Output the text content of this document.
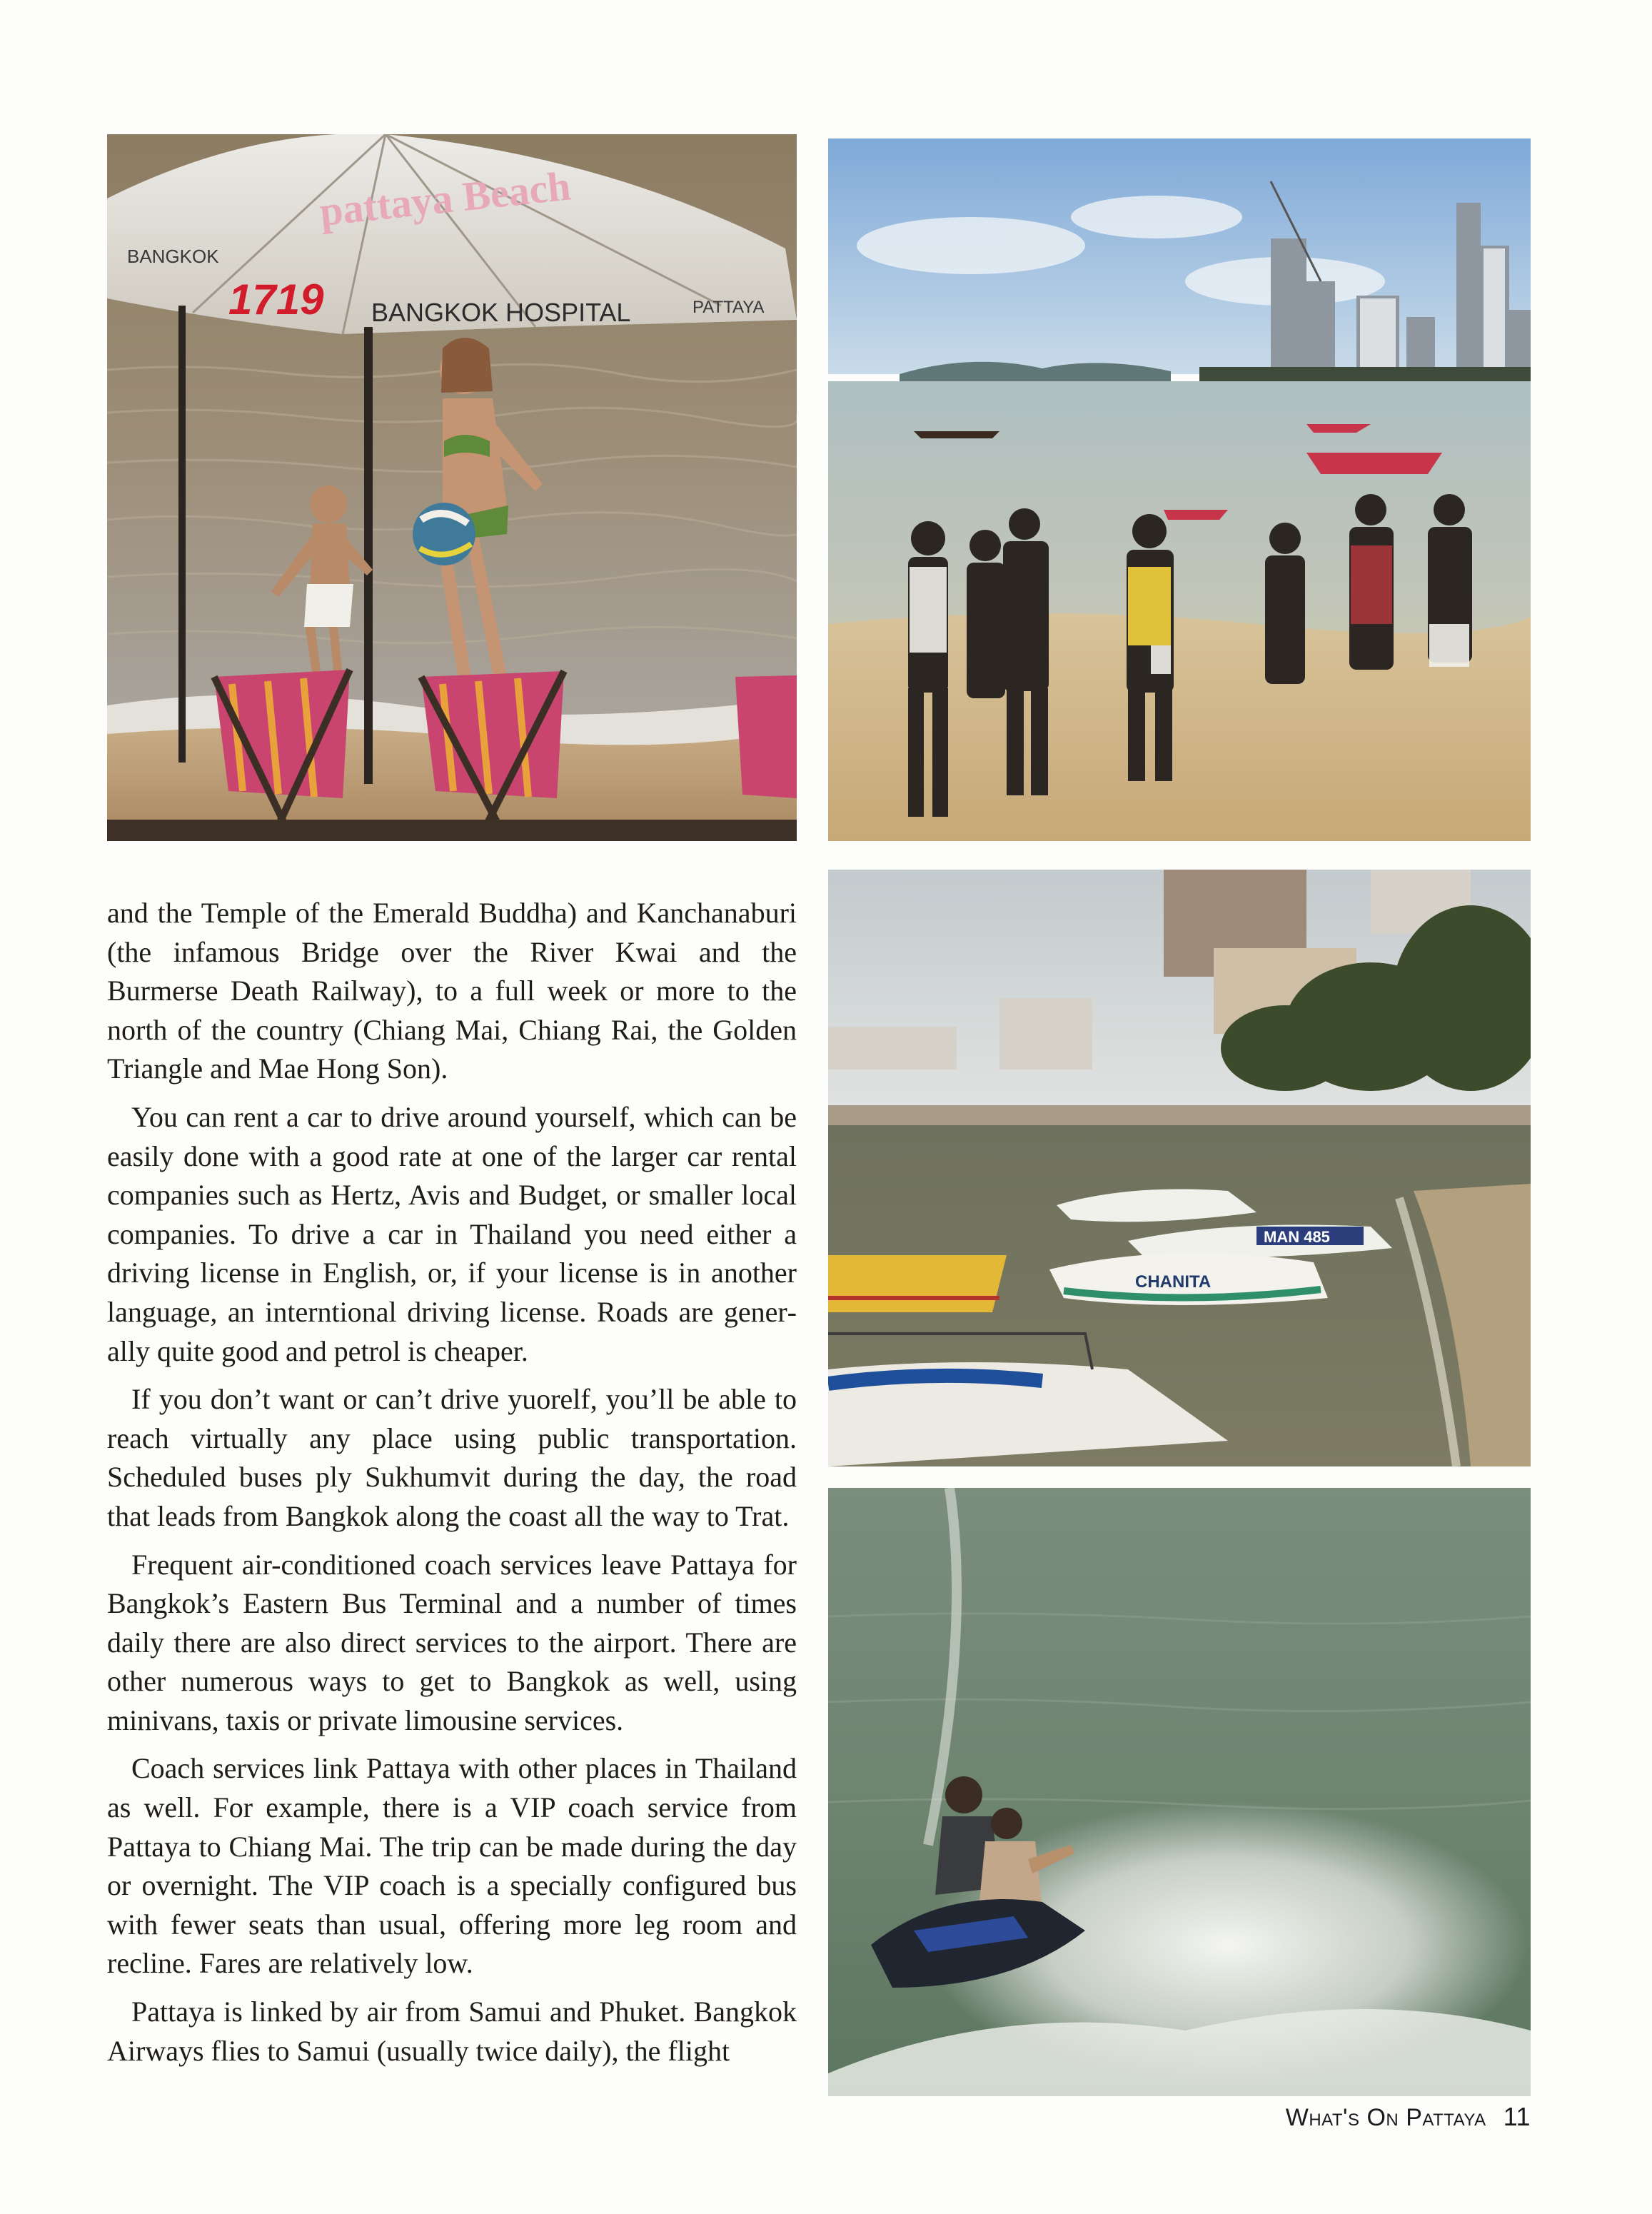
pattaya Beach
1719 BANGKOK HOSPITAL
BANGKOK
PATTAYA
MAN 485
CHANITA

and the Temple of the Emerald Buddha) and Kanchanaburi (the infamous Bridge over the River Kwai and the Burmerse Death Railway), to a full week or more to the north of the country (Chiang Mai, Chiang Rai, the Golden Triangle and Mae Hong Son).

You can rent a car to drive around yourself, which can be easily done with a good rate at one of the larger car rental companies such as Hertz, Avis and Budget, or smaller local companies. To drive a car in Thailand you need either a driving license in English, or, if your license is in another language, an interntional driving license. Roads are generally quite good and petrol is cheaper.

If you don’t want or can’t drive yuorelf, you’ll be able to reach virtually any place using public transportation. Scheduled buses ply Sukhumvit during the day, the road that leads from Bangkok along the coast all the way to Trat.

Frequent air-conditioned coach services leave Pattaya for Bangkok’s Eastern Bus Terminal and a number of times daily there are also direct services to the airport. There are other numerous ways to get to Bangkok as well, using minivans, taxis or private limousine services.

Coach services link Pattaya with other places in Thailand as well. For example, there is a VIP coach service from Pattaya to Chiang Mai. The trip can be made during the day or overnight. The VIP coach is a specially configured bus with fewer seats than usual, offering more leg room and recline. Fares are relatively low.

Pattaya is linked by air from Samui and Phuket. Bangkok Airways flies to Samui (usually twice daily), the flight

What's On Pattaya 11
